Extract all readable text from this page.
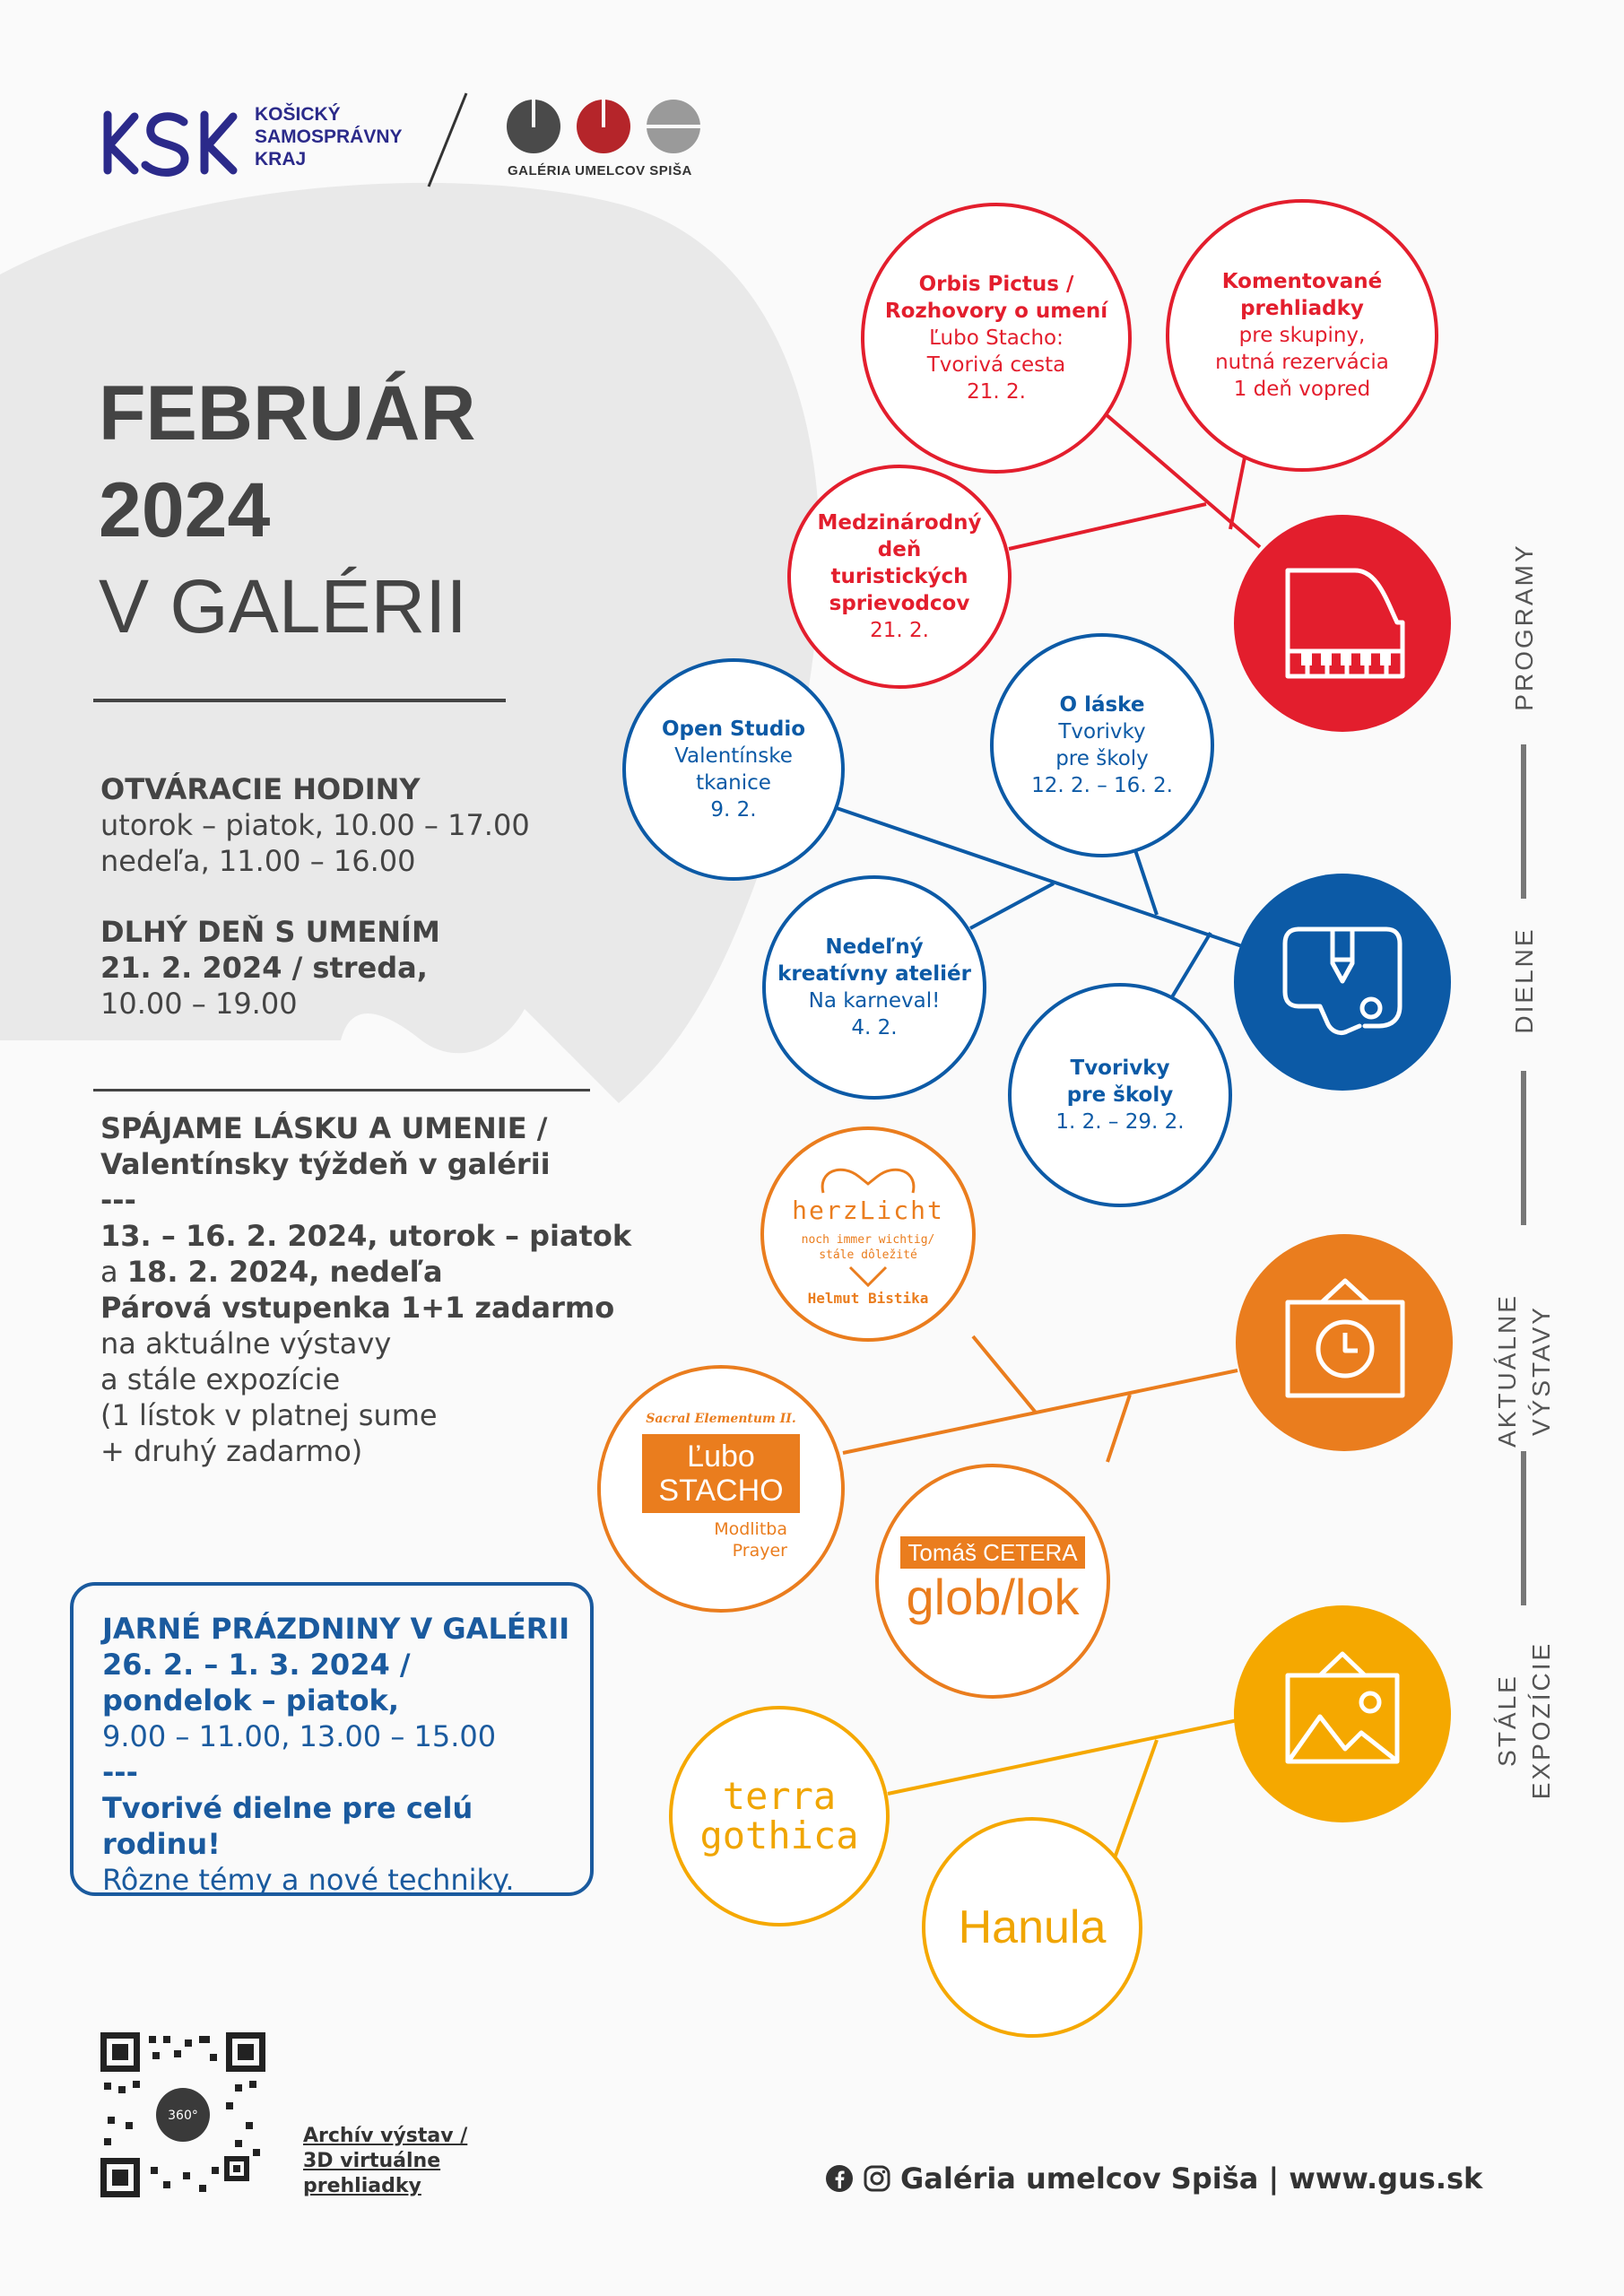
KOŠICKÝ
SAMOSPRÁVNY
KRAJ
GALÉRIA UMELCOV SPIŠA
FEBRUÁR
2024
V GALÉRII
OTVÁRACIE HODINY
utorok – piatok, 10.00 – 17.00
nedeľa, 11.00 – 16.00
DLHÝ DEŇ S UMENÍM
21. 2. 2024 / streda,
10.00 – 19.00
SPÁJAME LÁSKU A UMENIE /
Valentínsky týždeň v galérii
---
13. – 16. 2. 2024, utorok – piatok
a 18. 2. 2024, nedeľa
Párová vstupenka 1+1 zadarmo
na aktuálne výstavy
a stále expozície
(1 lístok v platnej sume
+ druhý zadarmo)
JARNÉ PRÁZDNINY V GALÉRII
26. 2. – 1. 3. 2024 /
pondelok – piatok,
9.00 – 11.00, 13.00 – 15.00
---
Tvorivé dielne pre celú rodinu!
Rôzne témy a nové techniky.
Orbis Pictus /
Rozhovory o umení
Ľubo Stacho:
Tvorivá cesta
21. 2.
Komentované
prehliadky
pre skupiny,
nutná rezervácia
1 deň vopred
Medzinárodný
deň
turistických
sprievodcov
21. 2.
Open Studio
Valentínske
tkanice
9. 2.
O láske
Tvorivky
pre školy
12. 2. – 16. 2.
Nedeľný
kreatívny ateliér
Na karneval!
4. 2.
Tvorivky
pre školy
1. 2. – 29. 2.
herzLicht
noch immer wichtig/
stále dôležité
Helmut Bistika
Sacral Elementum II.
Ľubo
STACHO
Modlitba
Prayer	Tomáš CETERA
glob/lok
terra
gothica
Hanula
PROGRAMY
DIELNE
AKTUÁLNE VÝSTAVY
STÁLE EXPOZÍCIE
360°
Archív výstav /
3D virtuálne
prehliadky	Galéria umelcov Spiša | www.gus.sk
